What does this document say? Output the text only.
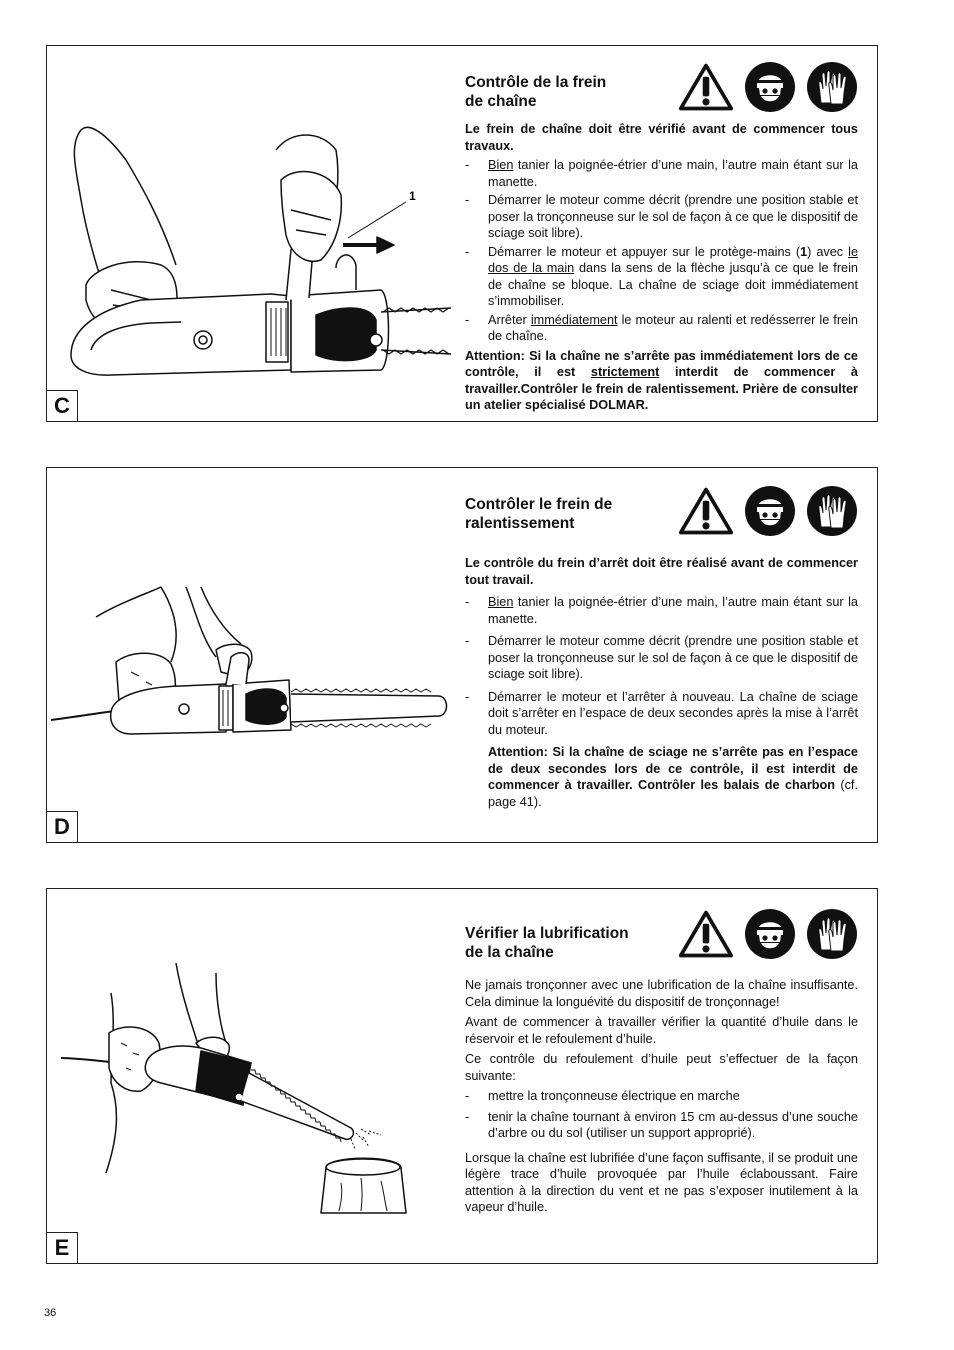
1

Contrôle de la frein
de chaîne

Le frein de chaîne doit être vérifié avant de commencer tous travaux.

- Bien tanier la poignée-étrier d’une main, l’autre main étant sur la manette.
- Démarrer le moteur comme décrit (prendre une position stable et poser la tronçonneuse sur le sol de façon à ce que le dispositif de sciage soit libre).
- Démarrer le moteur et appuyer sur le protège-mains (1) avec le dos de la main dans la sens de la flèche jusqu’à ce que le frein de chaîne se bloque. La chaîne de sciage doit immédiatement s’immobiliser.
- Arrêter immédiatement le moteur au ralenti et redésserrer le frein de chaîne.

Attention: Si la chaîne ne s’arrête pas immédiatement lors de ce contrôle, il est strictement interdit de commencer à travailler.Contrôler le frein de ralentissement. Prière de consulter un atelier spécialisé DOLMAR.

C

Contrôler le frein de
ralentissement

Le contrôle du frein d’arrêt doit être réalisé avant de commencer tout travail.

- Bien tanier la poignée-étrier d’une main, l’autre main étant sur la manette.
- Démarrer le moteur comme décrit (prendre une position stable et poser la tronçonneuse sur le sol de façon à ce que le dispositif de sciage soit libre).
- Démarrer le moteur et l’arrêter à nouveau. La chaîne de sciage doit s’arrêter en l’espace de deux secondes après la mise à l’arrêt du moteur.

Attention: Si la chaîne de sciage ne s’arrête pas en l’espace de deux secondes lors de ce contrôle, il est interdit de commencer à travailler. Contrôler les balais de charbon (cf. page 41).

D

Vérifier la lubrification
de la chaîne

Ne jamais tronçonner avec une lubrification de la chaîne insuffisante. Cela diminue la longuévité du dispositif de tronçonnage!

Avant de commencer à travailler vérifier la quantité d’huile dans le réservoir et le refoulement d’huile.

Ce contrôle du refoulement d’huile peut s’effectuer de la façon suivante:

- mettre la tronçonneuse électrique en marche
- tenir la chaîne tournant à environ 15 cm au-dessus d’une souche d’arbre ou du sol (utiliser un support approprié).

Lorsque la chaîne est lubrifiée d’une façon suffisante, il se produit une légère trace d’huile provoquée par l’huile éclaboussant. Faire attention à la direction du vent et ne pas s’exposer inutilement à la vapeur d’huile.

E
36
